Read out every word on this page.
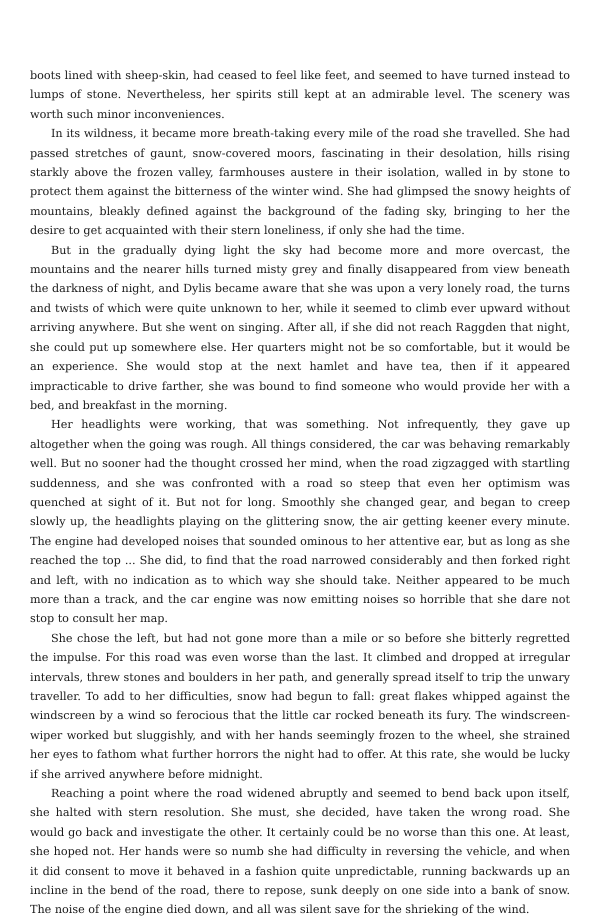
boots lined with sheep-skin, had ceased to feel like feet, and seemed to have turned instead to lumps of stone. Nevertheless, her spirits still kept at an admirable level. The scenery was worth such minor inconveniences.

In its wildness, it became more breath-taking every mile of the road she travelled. She had passed stretches of gaunt, snow-covered moors, fascinating in their desolation, hills rising starkly above the frozen valley, farmhouses austere in their isolation, walled in by stone to protect them against the bitterness of the winter wind. She had glimpsed the snowy heights of mountains, bleakly defined against the background of the fading sky, bringing to her the desire to get acquainted with their stern loneliness, if only she had the time.

But in the gradually dying light the sky had become more and more overcast, the mountains and the nearer hills turned misty grey and finally disappeared from view beneath the darkness of night, and Dylis became aware that she was upon a very lonely road, the turns and twists of which were quite unknown to her, while it seemed to climb ever upward without arriving anywhere. But she went on singing. After all, if she did not reach Raggden that night, she could put up somewhere else. Her quarters might not be so comfortable, but it would be an experience. She would stop at the next hamlet and have tea, then if it appeared impracticable to drive farther, she was bound to find someone who would provide her with a bed, and breakfast in the morning.

Her headlights were working, that was something. Not infrequently, they gave up altogether when the going was rough. All things considered, the car was behaving remarkably well. But no sooner had the thought crossed her mind, when the road zigzagged with startling suddenness, and she was confronted with a road so steep that even her optimism was quenched at sight of it. But not for long. Smoothly she changed gear, and began to creep slowly up, the headlights playing on the glittering snow, the air getting keener every minute. The engine had developed noises that sounded ominous to her attentive ear, but as long as she reached the top ... She did, to find that the road narrowed considerably and then forked right and left, with no indication as to which way she should take. Neither appeared to be much more than a track, and the car engine was now emitting noises so horrible that she dare not stop to consult her map.

She chose the left, but had not gone more than a mile or so before she bitterly regretted the impulse. For this road was even worse than the last. It climbed and dropped at irregular intervals, threw stones and boulders in her path, and generally spread itself to trip the unwary traveller. To add to her difficulties, snow had begun to fall: great flakes whipped against the windscreen by a wind so ferocious that the little car rocked beneath its fury. The windscreen-wiper worked but sluggishly, and with her hands seemingly frozen to the wheel, she strained her eyes to fathom what further horrors the night had to offer. At this rate, she would be lucky if she arrived anywhere before midnight.

Reaching a point where the road widened abruptly and seemed to bend back upon itself, she halted with stern resolution. She must, she decided, have taken the wrong road. She would go back and investigate the other. It certainly could be no worse than this one. At least, she hoped not. Her hands were so numb she had difficulty in reversing the vehicle, and when it did consent to move it behaved in a fashion quite unpredictable, running backwards up an incline in the bend of the road, there to repose, sunk deeply on one side into a bank of snow. The noise of the engine died down, and all was silent save for the shrieking of the wind.
